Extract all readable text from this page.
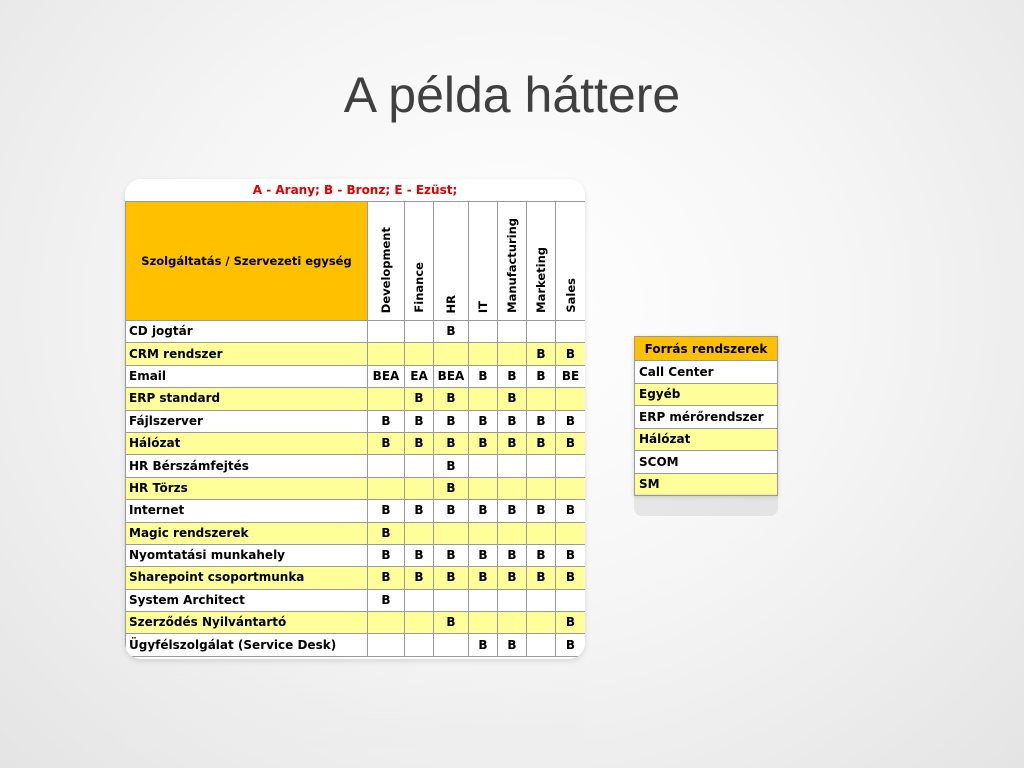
A példa háttere
A - Arany; B - Bronz; E - Ezüst;
Szolgáltatás / Szervezeti egység	Development	Finance	HR	IT	Manufacturing	Marketing	Sales
CD jogtár			B				
CRM rendszer						B	B
Email	BEA	EA	BEA	B	B	B	BE
ERP standard		B	B		B		
Fájlszerver	B	B	B	B	B	B	B
Hálózat	B	B	B	B	B	B	B
HR Bérszámfejtés			B				
HR Törzs			B				
Internet	B	B	B	B	B	B	B
Magic rendszerek	B						
Nyomtatási munkahely	B	B	B	B	B	B	B
Sharepoint csoportmunka	B	B	B	B	B	B	B
System Architect	B						
Szerződés Nyilvántartó			B				B
Ügyfélszolgálat (Service Desk)				B	B		B

Forrás rendszerek
Call Center
Egyéb
ERP mérőrendszer
Hálózat
SCOM
SM
